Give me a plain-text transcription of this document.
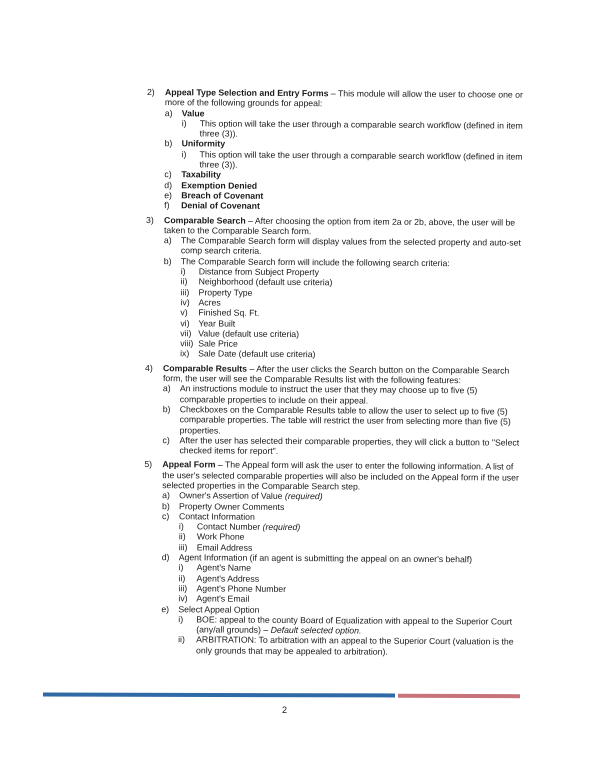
2) Appeal Type Selection and Entry Forms – This module will allow the user to choose one or more of the following grounds for appeal:
a) Value
i) This option will take the user through a comparable search workflow (defined in item three (3)).
b) Uniformity
i) This option will take the user through a comparable search workflow (defined in item three (3)).
c) Taxability
d) Exemption Denied
e) Breach of Covenant
f) Denial of Covenant
3) Comparable Search – After choosing the option from item 2a or 2b, above, the user will be taken to the Comparable Search form.
a) The Comparable Search form will display values from the selected property and auto-set comp search criteria.
b) The Comparable Search form will include the following search criteria:
i) Distance from Subject Property
ii) Neighborhood (default use criteria)
iii) Property Type
iv) Acres
v) Finished Sq. Ft.
vi) Year Built
vii) Value (default use criteria)
viii) Sale Price
ix) Sale Date (default use criteria)
4) Comparable Results – After the user clicks the Search button on the Comparable Search form, the user will see the Comparable Results list with the following features:
a) An instructions module to instruct the user that they may choose up to five (5) comparable properties to include on their appeal.
b) Checkboxes on the Comparable Results table to allow the user to select up to five (5) comparable properties. The table will restrict the user from selecting more than five (5) properties.
c) After the user has selected their comparable properties, they will click a button to "Select checked items for report".
5) Appeal Form – The Appeal form will ask the user to enter the following information. A list of the user's selected comparable properties will also be included on the Appeal form if the user selected properties in the Comparable Search step.
a) Owner's Assertion of Value (required)
b) Property Owner Comments
c) Contact Information
i) Contact Number (required)
ii) Work Phone
iii) Email Address
d) Agent Information (if an agent is submitting the appeal on an owner's behalf)
i) Agent's Name
ii) Agent's Address
iii) Agent's Phone Number
iv) Agent's Email
e) Select Appeal Option
i) BOE: appeal to the county Board of Equalization with appeal to the Superior Court (any/all grounds) – Default selected option.
ii) ARBITRATION: To arbitration with an appeal to the Superior Court (valuation is the only grounds that may be appealed to arbitration).
2
